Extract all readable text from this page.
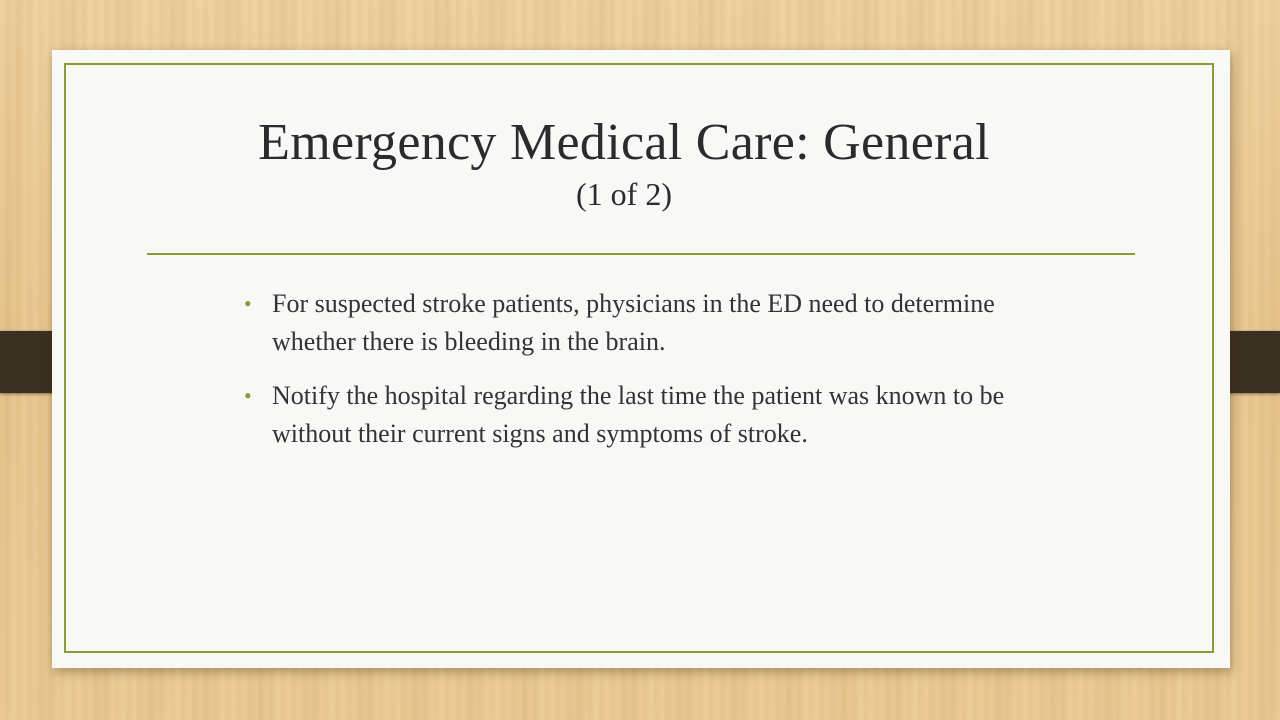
Emergency Medical Care: General
(1 of 2)
• For suspected stroke patients, physicians in the ED need to determine whether there is bleeding in the brain.
• Notify the hospital regarding the last time the patient was known to be without their current signs and symptoms of stroke.
